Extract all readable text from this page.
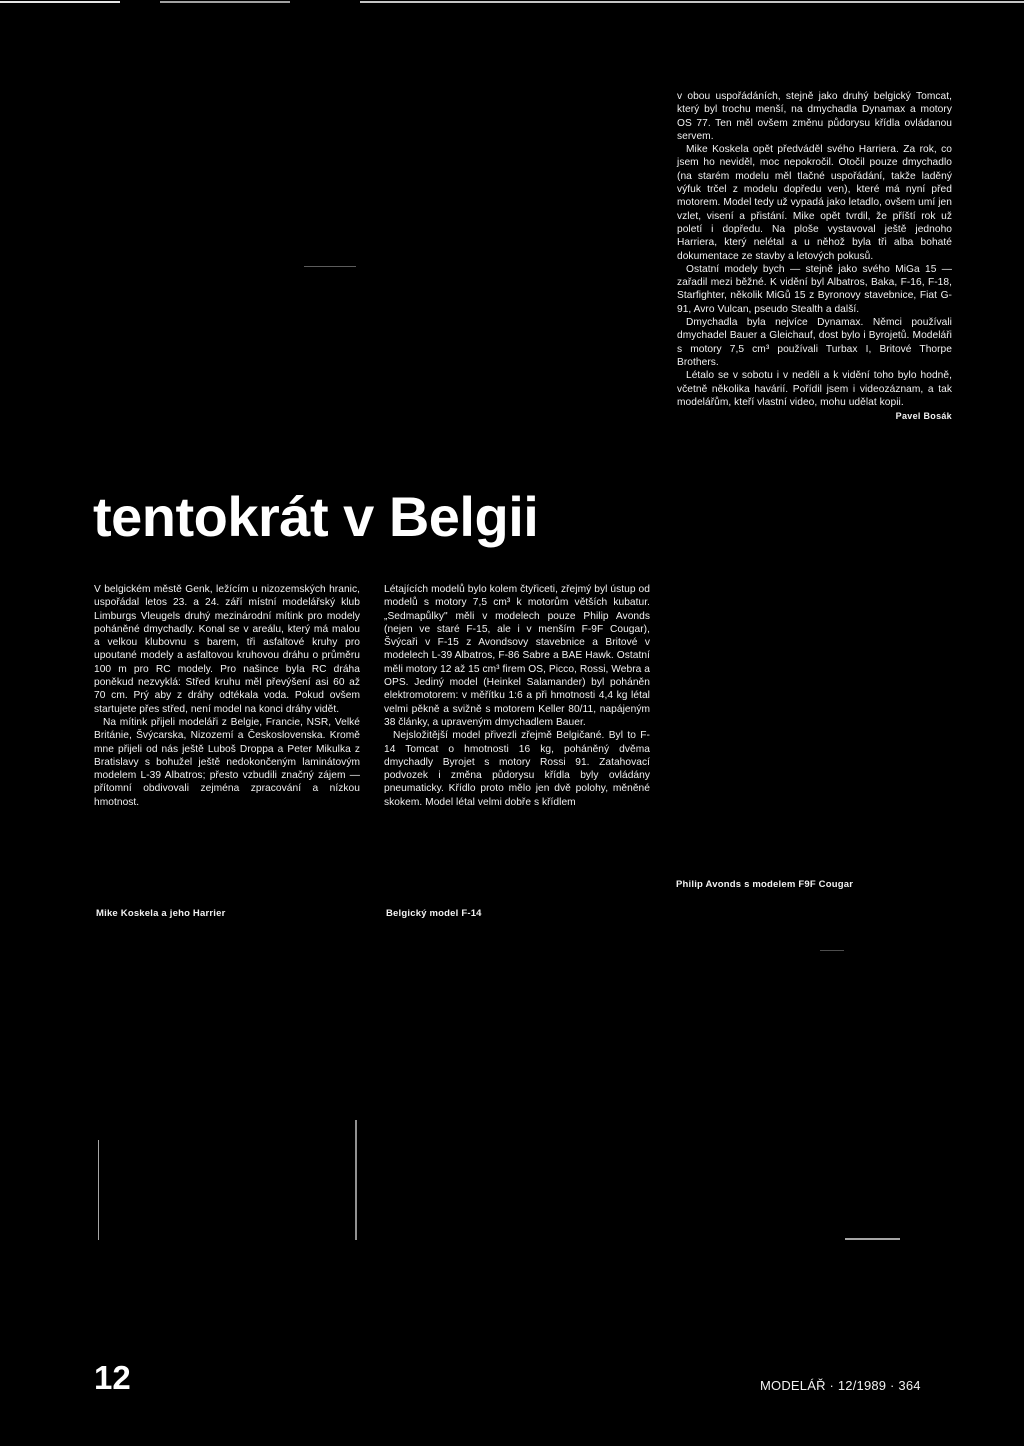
v obou uspořádáních, stejně jako druhý belgický Tomcat, který byl trochu menší, na dmychadla Dynamax a motory OS 77. Ten měl ovšem změnu půdorysu křídla ovládanou servem.

Mike Koskela opět předváděl svého Harriera. Za rok, co jsem ho neviděl, moc nepokročil. Otočil pouze dmychadlo (na starém modelu měl tlačné uspořádání, takže laděný výfuk trčel z modelu dopředu ven), které má nyní před motorem. Model tedy už vypadá jako letadlo, ovšem umí jen vzlet, visení a přistání. Mike opět tvrdil, že příští rok už poletí i dopředu. Na ploše vystavoval ještě jednoho Harriera, který nelétal a u něhož byla tři alba bohaté dokumentace ze stavby a letových pokusů.

Ostatní modely bych — stejně jako svého MiGa 15 — zařadil mezi běžné. K vidění byl Albatros, Baka, F-16, F-18, Starfighter, několik MiGů 15 z Byronovy stavebnice, Fiat G-91, Avro Vulcan, pseudo Stealth a další.

Dmychadla byla nejvíce Dynamax. Němci používali dmychadel Bauer a Gleichauf, dost bylo i Byrojetů. Modeláři s motory 7,5 cm³ používali Turbax I, Britové Thorpe Brothers.

Létalo se v sobotu i v neděli a k vidění toho bylo hodně, včetně několika havárií. Pořídil jsem i videozáznam, a tak modelářům, kteří vlastní video, mohu udělat kopii.

Pavel Bosák
tentokrát v Belgii

V belgickém městě Genk, ležícím u nizozemských hranic, uspořádal letos 23. a 24. září místní modelářský klub Limburgs Vleugels druhý mezinárodní mítink pro modely poháněné dmychadly. Konal se v areálu, který má malou a velkou klubovnu s barem, tři asfaltové kruhy pro upoutané modely a asfaltovou kruhovou dráhu o průměru 100 m pro RC modely. Pro našince byla RC dráha poněkud nezvyklá: Střed kruhu měl převýšení asi 60 až 70 cm. Prý aby z dráhy odtékala voda. Pokud ovšem startujete přes střed, není model na konci dráhy vidět.

Na mítink přijeli modeláři z Belgie, Francie, NSR, Velké Británie, Švýcarska, Nizozemí a Československa. Kromě mne přijeli od nás ještě Luboš Droppa a Peter Mikulka z Bratislavy s bohužel ještě nedokončeným laminátovým modelem L-39 Albatros; přesto vzbudili značný zájem — přítomní obdivovali zejména zpracování a nízkou hmotnost.

Létajících modelů bylo kolem čtyřiceti, zřejmý byl ústup od modelů s motory 7,5 cm³ k motorům větších kubatur. „Sedmapůlky" měli v modelech pouze Philip Avonds (nejen ve staré F-15, ale i v menším F-9F Cougar), Švýcaři v F-15 z Avondsovy stavebnice a Britové v modelech L-39 Albatros, F-86 Sabre a BAE Hawk. Ostatní měli motory 12 až 15 cm³ firem OS, Picco, Rossi, Webra a OPS. Jediný model (Heinkel Salamander) byl poháněn elektromotorem: v měřítku 1:6 a při hmotnosti 4,4 kg létal velmi pěkně a svižně s motorem Keller 80/11, napájeným 38 články, a upraveným dmychadlem Bauer.

Nejsložitější model přivezli zřejmě Belgičané. Byl to F-14 Tomcat o hmotnosti 16 kg, poháněný dvěma dmychadly Byrojet s motory Rossi 91. Zatahovací podvozek i změna půdorysu křídla byly ovládány pneumaticky. Křídlo proto mělo jen dvě polohy, měněné skokem. Model létal velmi dobře s křídlem

Mike Koskela a jeho Harrier	Belgický model F-14
Philip Avonds s modelem F9F Cougar
12	MODELÁŘ · 12/1989 · 364
